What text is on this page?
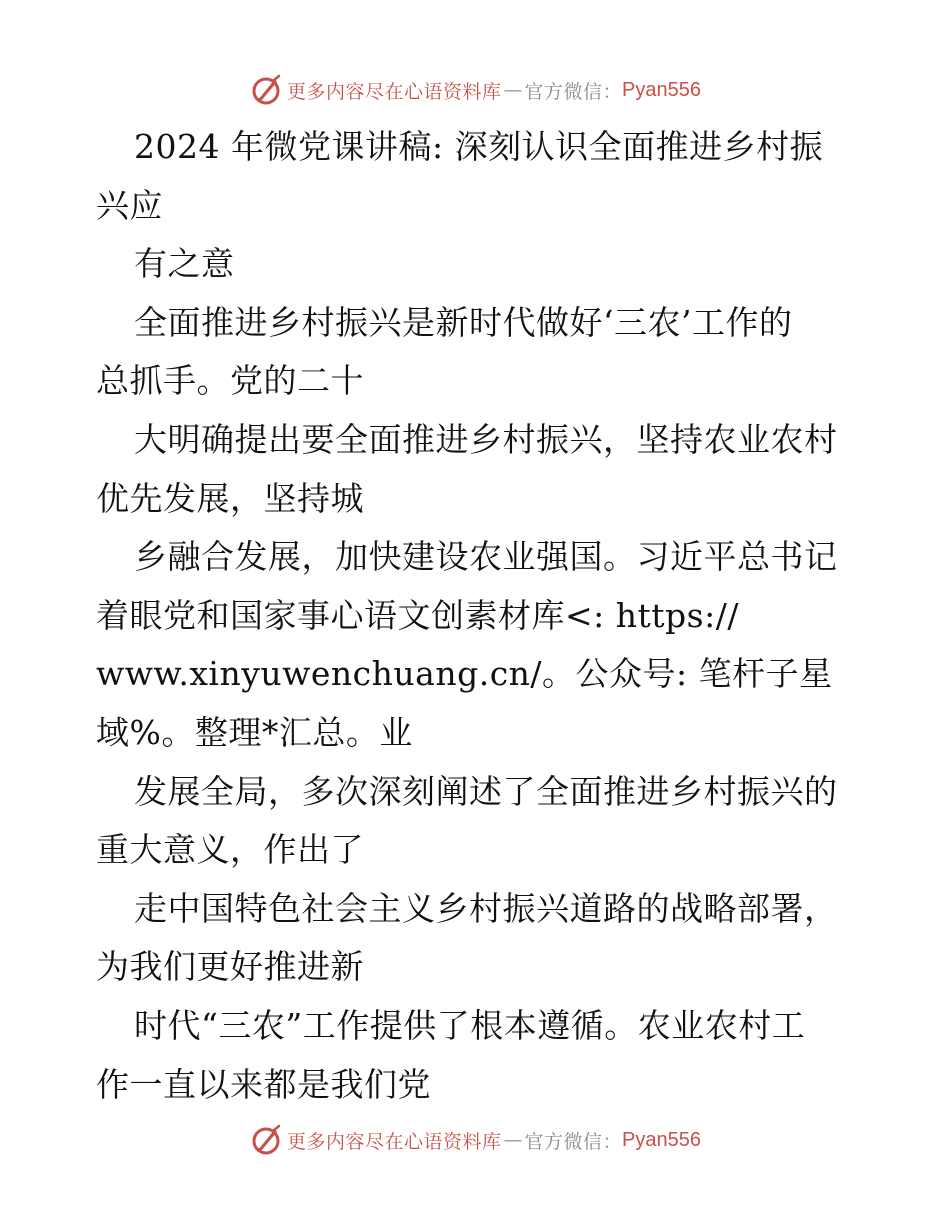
更多内容尽在心语资料库 — 官方微信： Pyan556
2024 年微党课讲稿: 深刻认识全面推进乡村振
兴应
有之意
全面推进乡村振兴是新时代做好‘三农’工作的
总抓手。党的二十
大明确提出要全面推进乡村振兴，坚持农业农村
优先发展，坚持城
乡融合发展，加快建设农业强国。习近平总书记
着眼党和国家事心语文创素材库<: https://
www.xinyuwenchuang.cn/。公众号: 笔杆子星
域%。整理*汇总。业
发展全局，多次深刻阐述了全面推进乡村振兴的
重大意义，作出了
走中国特色社会主义乡村振兴道路的战略部署，
为我们更好推进新
时代“三农”工作提供了根本遵循。农业农村工
作一直以来都是我们党
更多内容尽在心语资料库 — 官方微信： Pyan556
